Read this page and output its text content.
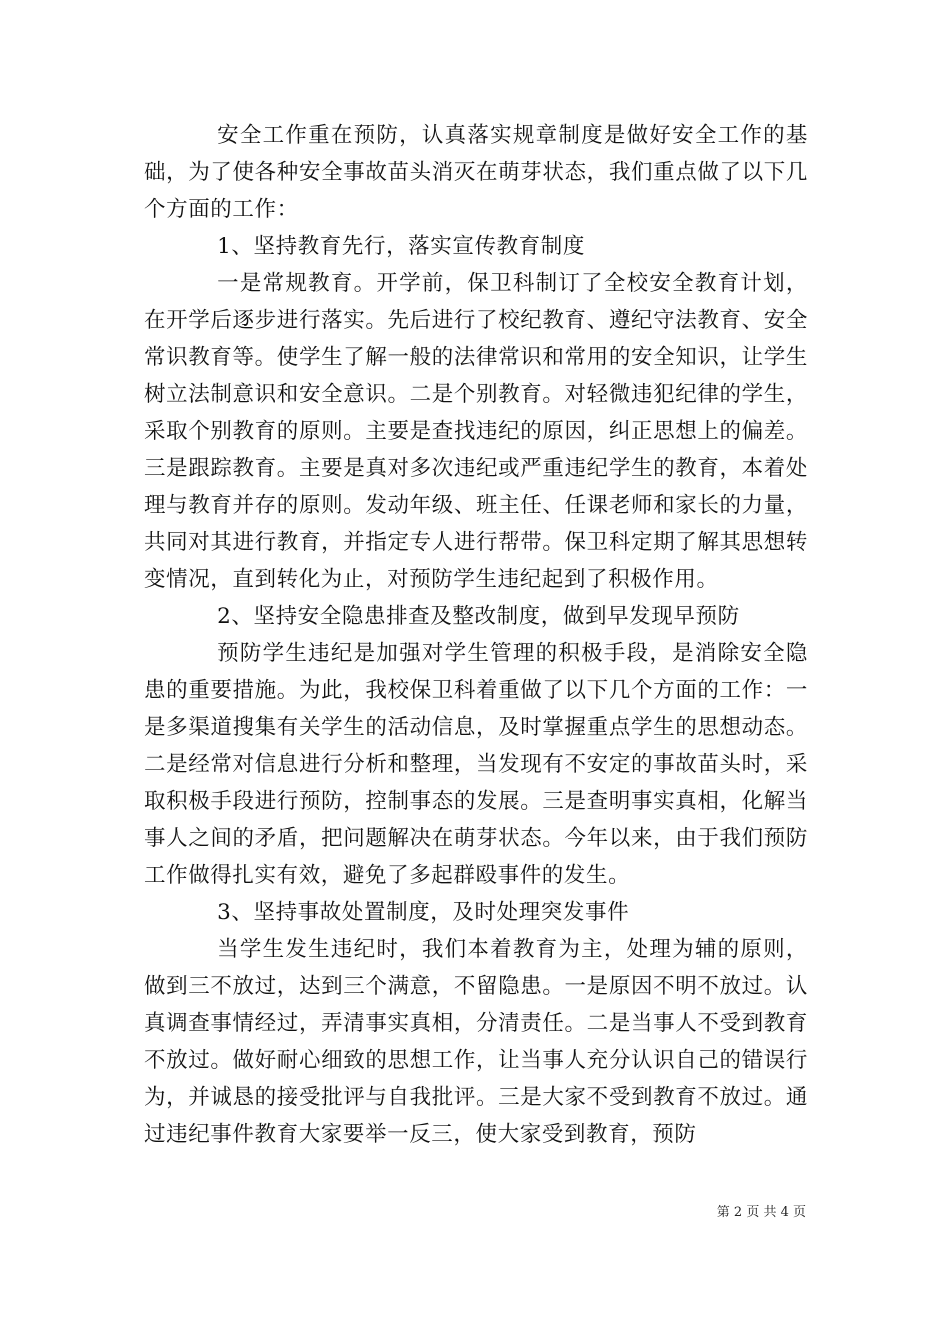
安全工作重在预防，认真落实规章制度是做好安全工作的基础，为了使各种安全事故苗头消灭在萌芽状态，我们重点做了以下几个方面的工作：

1、坚持教育先行，落实宣传教育制度

一是常规教育。开学前，保卫科制订了全校安全教育计划，在开学后逐步进行落实。先后进行了校纪教育、遵纪守法教育、安全常识教育等。使学生了解一般的法律常识和常用的安全知识，让学生树立法制意识和安全意识。二是个别教育。对轻微违犯纪律的学生，采取个别教育的原则。主要是查找违纪的原因，纠正思想上的偏差。三是跟踪教育。主要是真对多次违纪或严重违纪学生的教育，本着处理与教育并存的原则。发动年级、班主任、任课老师和家长的力量，共同对其进行教育，并指定专人进行帮带。保卫科定期了解其思想转变情况，直到转化为止，对预防学生违纪起到了积极作用。

2、坚持安全隐患排查及整改制度，做到早发现早预防

预防学生违纪是加强对学生管理的积极手段，是消除安全隐患的重要措施。为此，我校保卫科着重做了以下几个方面的工作：一是多渠道搜集有关学生的活动信息，及时掌握重点学生的思想动态。二是经常对信息进行分析和整理，当发现有不安定的事故苗头时，采取积极手段进行预防，控制事态的发展。三是查明事实真相，化解当事人之间的矛盾，把问题解决在萌芽状态。今年以来，由于我们预防工作做得扎实有效，避免了多起群殴事件的发生。

3、坚持事故处置制度，及时处理突发事件

当学生发生违纪时，我们本着教育为主，处理为辅的原则，做到三不放过，达到三个满意，不留隐患。一是原因不明不放过。认真调查事情经过，弄清事实真相，分清责任。二是当事人不受到教育不放过。做好耐心细致的思想工作，让当事人充分认识自己的错误行为，并诚恳的接受批评与自我批评。三是大家不受到教育不放过。通过违纪事件教育大家要举一反三，使大家受到教育，预防

第 2 页 共 4 页
